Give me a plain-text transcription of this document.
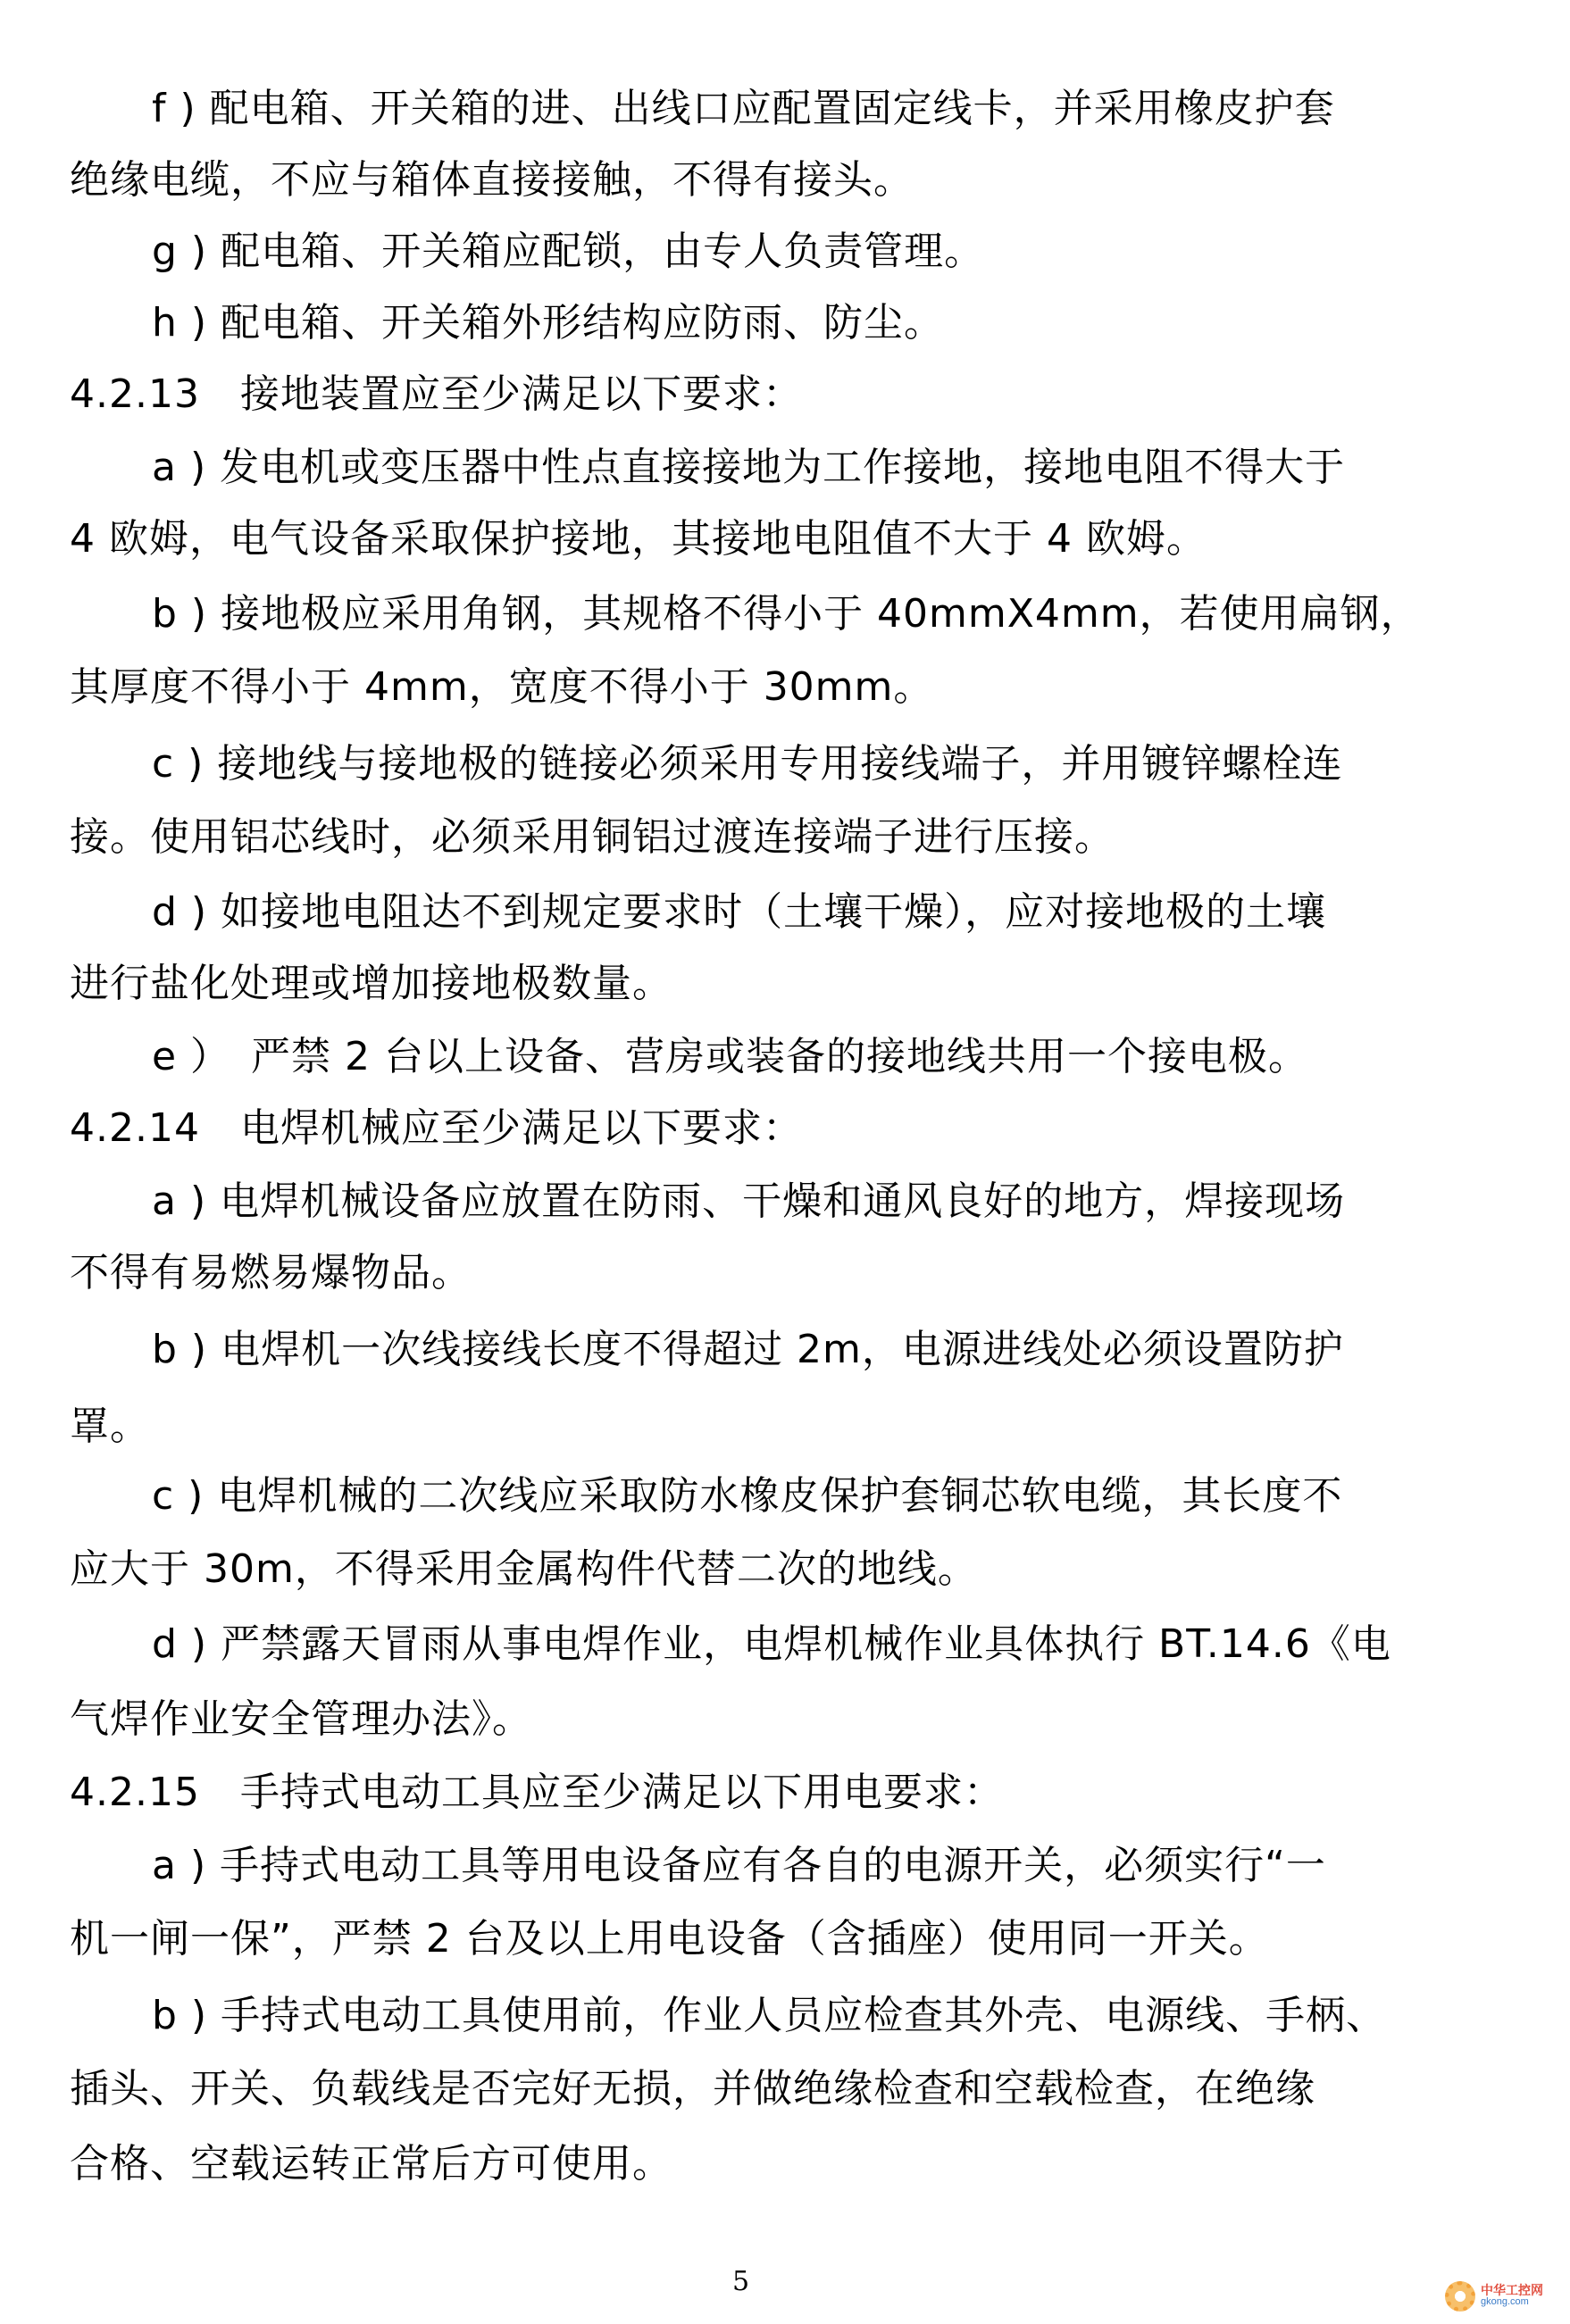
f ) 配电箱、开关箱的进、出线口应配置固定线卡，并采用橡皮护套
绝缘电缆，不应与箱体直接接触，不得有接头。
g ) 配电箱、开关箱应配锁，由专人负责管理。
h ) 配电箱、开关箱外形结构应防雨、防尘。
4.2.13　接地装置应至少满足以下要求：
a ) 发电机或变压器中性点直接接地为工作接地，接地电阻不得大于
4 欧姆，电气设备采取保护接地，其接地电阻值不大于 4 欧姆。
b ) 接地极应采用角钢，其规格不得小于 40mmX4mm，若使用扁钢，
其厚度不得小于 4mm，宽度不得小于 30mm。
c ) 接地线与接地极的链接必须采用专用接线端子，并用镀锌螺栓连
接。使用铝芯线时，必须采用铜铝过渡连接端子进行压接。
d ) 如接地电阻达不到规定要求时（土壤干燥），应对接地极的土壤
进行盐化处理或增加接地极数量。
e ）　严禁 2 台以上设备、营房或装备的接地线共用一个接电极。
4.2.14　电焊机械应至少满足以下要求：
a ) 电焊机械设备应放置在防雨、干燥和通风良好的地方，焊接现场
不得有易燃易爆物品。
b ) 电焊机一次线接线长度不得超过 2m，电源进线处必须设置防护
罩。
c ) 电焊机械的二次线应采取防水橡皮保护套铜芯软电缆，其长度不
应大于 30m，不得采用金属构件代替二次的地线。
d ) 严禁露天冒雨从事电焊作业，电焊机械作业具体执行 BT.14.6《电
气焊作业安全管理办法》。
4.2.15　手持式电动工具应至少满足以下用电要求：
a ) 手持式电动工具等用电设备应有各自的电源开关，必须实行“一
机一闸一保”，严禁 2 台及以上用电设备（含插座）使用同一开关。
b ) 手持式电动工具使用前，作业人员应检查其外壳、电源线、手柄、
插头、开关、负载线是否完好无损，并做绝缘检查和空载检查，在绝缘
合格、空载运转正常后方可使用。
5	中华工控网
gkong.com
